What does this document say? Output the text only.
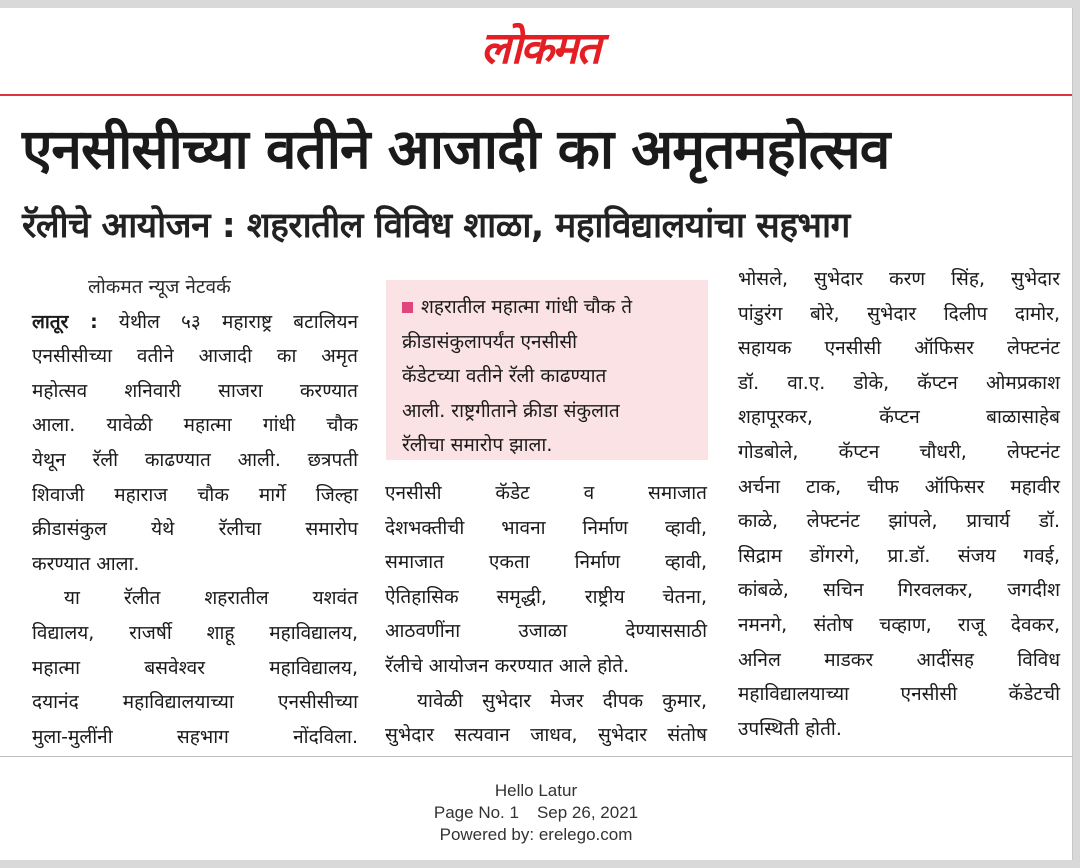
लोकमत
एनसीसीच्या वतीने आजादी का अमृतमहोत्सव
रॅलीचे आयोजन : शहरातील विविध शाळा, महाविद्यालयांचा सहभाग
लोकमत न्यूज नेटवर्क
लातूर : येथील ५३ महाराष्ट्र बटालियन
एनसीसीच्या वतीने आजादी का अमृत
महोत्सव शनिवारी साजरा करण्यात
आला. यावेळी महात्मा गांधी चौक
येथून रॅली काढण्यात आली. छत्रपती
शिवाजी महाराज चौक मार्गे जिल्हा
क्रीडासंकुल येथे रॅलीचा समारोप
करण्यात आला.
या रॅलीत शहरातील यशवंत
विद्यालय, राजर्षी शाहू महाविद्यालय,
महात्मा बसवेश्वर महाविद्यालय,
दयानंद महाविद्यालयाच्या एनसीसीच्या
मुला-मुलींनी सहभाग नोंदविला.
शहरातील महात्मा गांधी चौक ते
क्रीडासंकुलापर्यंत एनसीसी
कॅडेटच्या वतीने रॅली काढण्यात
आली. राष्ट्रगीताने क्रीडा संकुलात
रॅलीचा समारोप झाला.
एनसीसी कॅडेट व समाजात
देशभक्तीची भावना निर्माण व्हावी,
समाजात एकता निर्माण व्हावी,
ऐतिहासिक समृद्धी, राष्ट्रीय चेतना,
आठवणींना उजाळा देण्याससाठी
रॅलीचे आयोजन करण्यात आले होते.
यावेळी सुभेदार मेजर दीपक कुमार,
सुभेदार सत्यवान जाधव, सुभेदार संतोष
भोसले, सुभेदार करण सिंह, सुभेदार
पांडुरंग बोरे, सुभेदार दिलीप दामोर,
सहायक एनसीसी ऑफिसर लेफ्टनंट
डॉ. वा.ए. डोके, कॅप्टन ओमप्रकाश
शहापूरकर, कॅप्टन बाळासाहेब
गोडबोले, कॅप्टन चौधरी, लेफ्टनंट
अर्चना टाक, चीफ ऑफिसर महावीर
काळे, लेफ्टनंट झांपले, प्राचार्य डॉ.
सिद्राम डोंगरगे, प्रा.डॉ. संजय गवई,
कांबळे, सचिन गिरवलकर, जगदीश
नमनगे, संतोष चव्हाण, राजू देवकर,
अनिल माडकर आदींसह विविध
महाविद्यालयाच्या एनसीसी कॅडेटची
उपस्थिती होती.
Hello Latur
Page No. 1 Sep 26, 2021
Powered by: erelego.com
